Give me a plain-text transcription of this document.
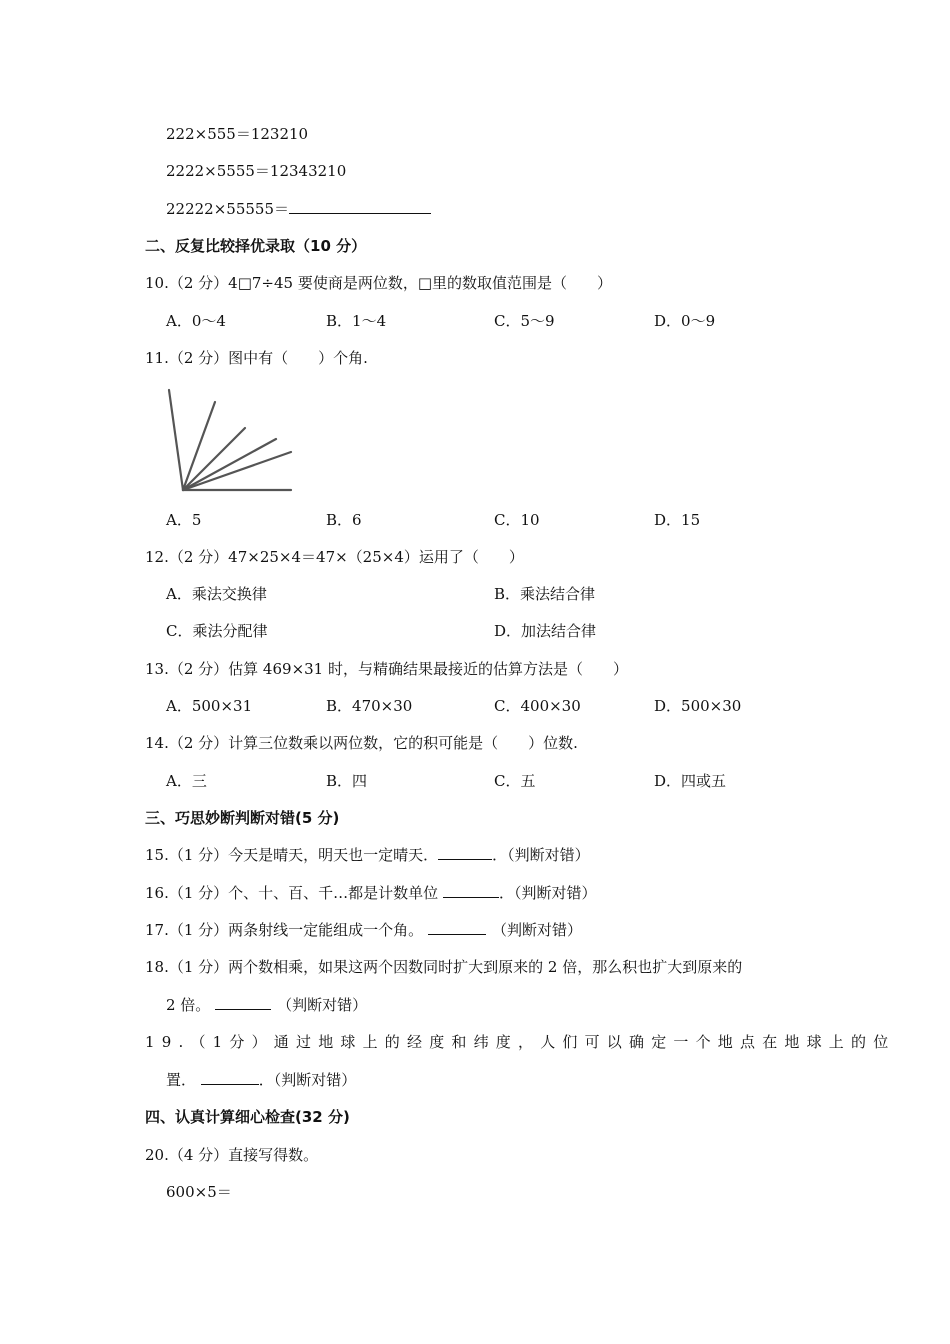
222×555＝123210
2222×5555＝12343210
22222×55555＝
二、反复比较择优录取（10 分）
10.（2 分）4□7÷45 要使商是两位数，□里的数取值范围是（　　）
A．0～4	B．1～4	C．5～9	D．0～9
11.（2 分）图中有（　　）个角.
A．5	B．6	C．10	D．15
12.（2 分）47×25×4＝47×（25×4）运用了（　　）
A．乘法交换律	B．乘法结合律
C．乘法分配律	D．加法结合律
13.（2 分）估算 469×31 时，与精确结果最接近的估算方法是（　　）
A．500×31	B．470×30	C．400×30	D．500×30
14.（2 分）计算三位数乘以两位数，它的积可能是（　　）位数.
A．三	B．四	C．五	D．四或五
三、巧思妙断判断对错(5 分)
15.（1 分）今天是晴天，明天也一定晴天．	．（判断对错）
16.（1 分）个、十、百、千…都是计数单位	．（判断对错）
17.（1 分）两条射线一定能组成一个角。	（判断对错）
18.（1 分）两个数相乘，如果这两个因数同时扩大到原来的 2 倍，那么积也扩大到原来的
2 倍。	（判断对错）
19.（1分）通过地球上的经度和纬度，人们可以确定一个地点在地球上的位
置．	．（判断对错）
四、认真计算细心检查(32 分)
20.（4 分）直接写得数。
600×5＝
